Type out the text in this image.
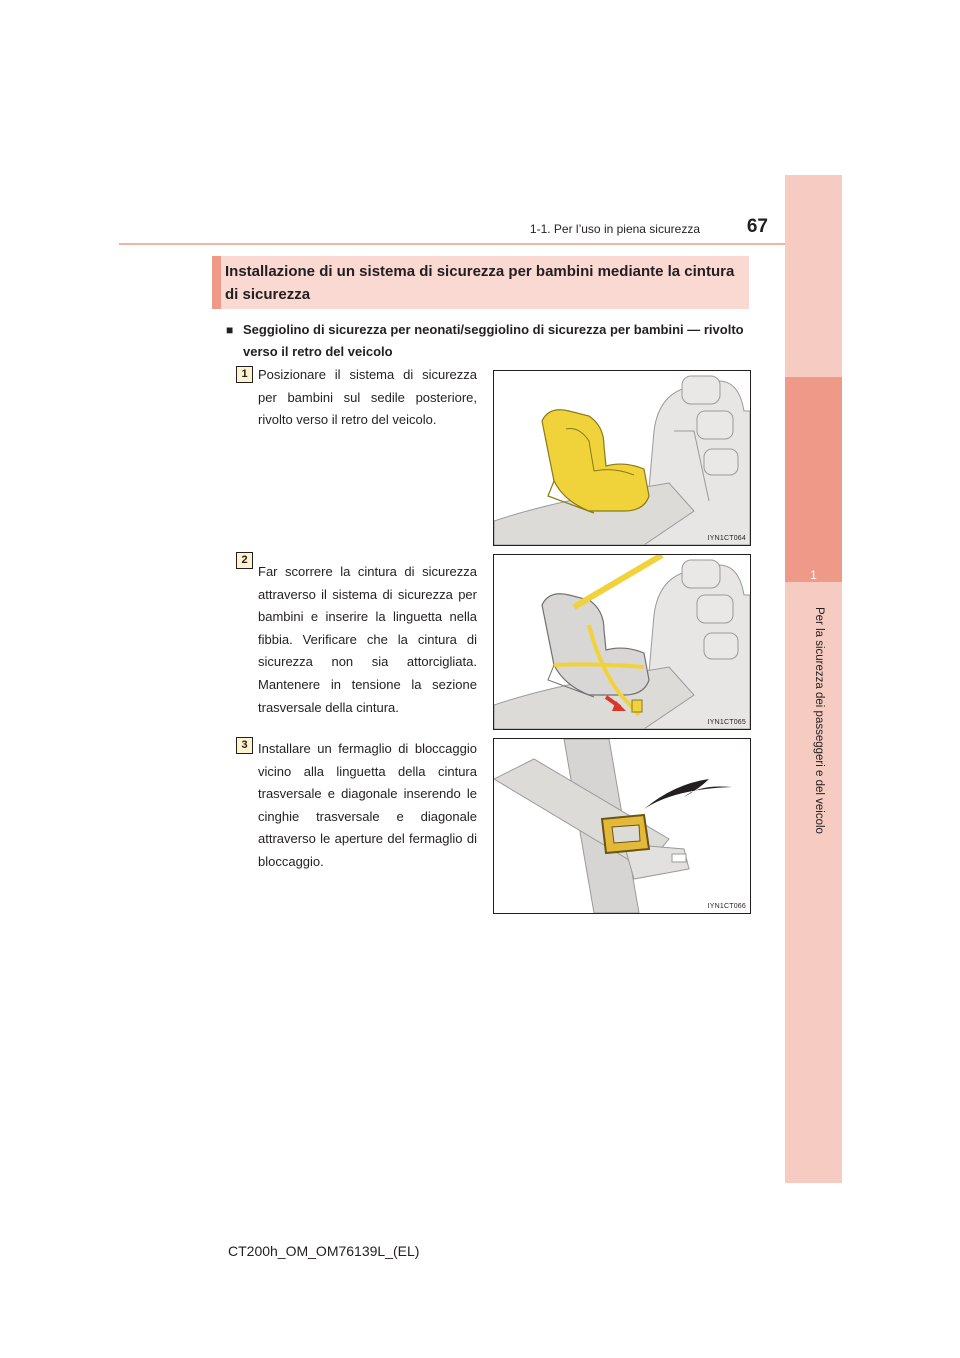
1
Per la sicurezza dei passeggeri e del veicolo
1-1. Per l’uso in piena sicurezza	67
Installazione di un sistema di sicurezza per bambini mediante la cintura di sicurezza
■ Seggiolino di sicurezza per neonati/seggiolino di sicurezza per bambini — rivolto verso il retro del veicolo
1 Posizionare il sistema di sicurezza per bambini sul sedile posteriore, rivolto verso il retro del veicolo.
IYN1CT064
2
Far scorrere la cintura di sicurezza attraverso il sistema di sicurezza per bambini e inserire la linguetta nella fibbia. Verificare che la cintura di sicurezza non sia attorcigliata. Mantenere in tensione la sezione trasversale della cintura.
IYN1CT065
3 Installare un fermaglio di bloccaggio vicino alla linguetta della cintura trasversale e diagonale inserendo le cinghie trasversale e diagonale attraverso le aperture del fermaglio di bloccaggio.
IYN1CT066
CT200h_OM_OM76139L_(EL)
